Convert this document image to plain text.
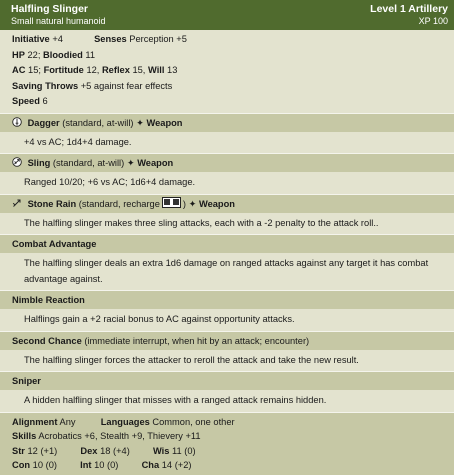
Halfling Slinger
Small natural humanoid
Level 1 Artillery
XP 100
Initiative +4	Senses Perception +5
HP 22; Bloodied 11
AC 15; Fortitude 12, Reflex 15, Will 13
Saving Throws +5 against fear effects
Speed 6
Dagger (standard, at-will) ✦ Weapon
+4 vs AC; 1d4+4 damage.
Sling (standard, at-will) ✦ Weapon
Ranged 10/20; +6 vs AC; 1d6+4 damage.
Stone Rain (standard, recharge ) ✦ Weapon
The halfling slinger makes three sling attacks, each with a -2 penalty to the attack roll..
Combat Advantage
The halfling slinger deals an extra 1d6 damage on ranged attacks against any target it has combat advantage against.
Nimble Reaction
Halflings gain a +2 racial bonus to AC against opportunity attacks.
Second Chance (immediate interrupt, when hit by an attack; encounter)
The halfling slinger forces the attacker to reroll the attack and take the new result.
Sniper
A hidden halfling slinger that misses with a ranged attack remains hidden.
Alignment Any	Languages Common, one other
Skills Acrobatics +6, Stealth +9, Thievery +11
Str 12 (+1) Dex 18 (+4) Wis 11 (0)
Con 10 (0) Int 10 (0) Cha 14 (+2)
